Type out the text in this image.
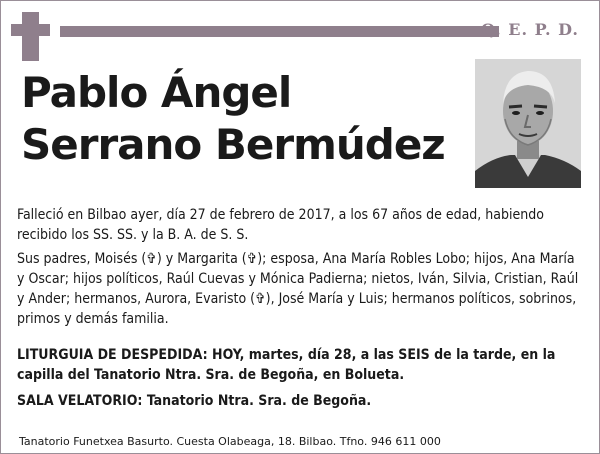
Q. E. P. D.
Pablo Ángel Serrano Bermúdez

Falleció en Bilbao ayer, día 27 de febrero de 2017, a los 67 años de edad, habiendo recibido los SS. SS. y la B. A. de S. S.

Sus padres, Moisés (✞) y Margarita (✞); esposa, Ana María Robles Lobo; hijos, Ana María y Oscar; hijos políticos, Raúl Cuevas y Mónica Padierna; nietos, Iván, Silvia, Cristian, Raúl y Ander; hermanos, Aurora, Evaristo (✞), José María y Luis; hermanos políticos, sobrinos, primos y demás familia.

LITURGUIA DE DESPEDIDA: HOY, martes, día 28, a las SEIS de la tarde, en la capilla del Tanatorio Ntra. Sra. de Begoña, en Bolueta.

SALA VELATORIO: Tanatorio Ntra. Sra. de Begoña.

Tanatorio Funetxea Basurto. Cuesta Olabeaga, 18. Bilbao. Tfno. 946 611 000
